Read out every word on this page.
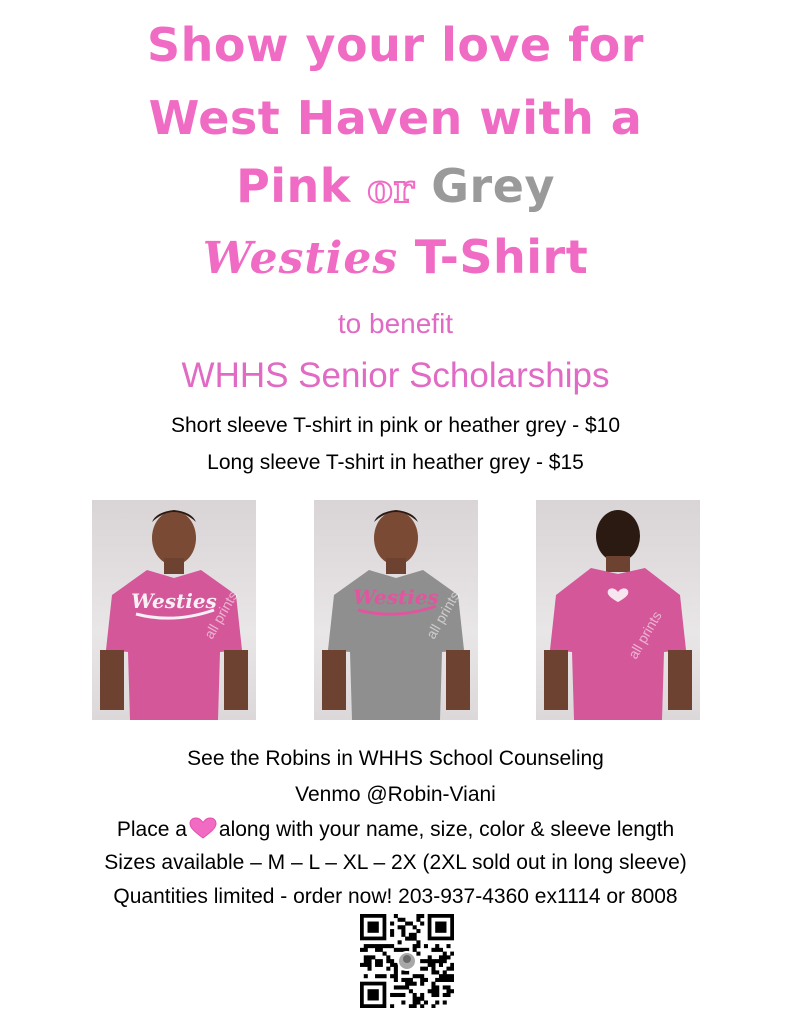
Show your love for
West Haven with a
Pink or Grey
Westies T-Shirt
to benefit
WHHS Senior Scholarships
Short sleeve T-shirt in pink or heather grey - $10
Long sleeve T-shirt in heather grey - $15
Westies
all prints	Westies
all prints	all prints
See the Robins in WHHS School Counseling
Venmo @Robin-Viani
Place a along with your name, size, color & sleeve length
Sizes available – M – L – XL – 2X (2XL sold out in long sleeve)
Quantities limited - order now! 203-937-4360 ex1114 or 8008
